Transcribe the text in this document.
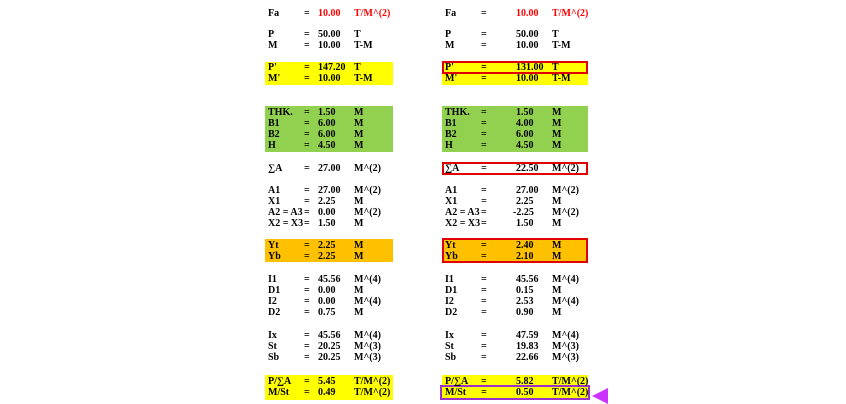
Fa = 10.00 T/M^(2)
P	= 50.00 T
M	= 10.00 T-M
P'	= 147.20 T
M' = 10.00 T-M
THK. = 1.50 M
B1 = 6.00 M
B2 = 6.00 M
H	= 4.50 M
∑A = 27.00 M^(2)
A1 = 27.00 M^(2)
X1 = 2.25 M
A2 = A3 = 0.00 M^(2)
X2 = X3 = 1.50 M
Yt	= 2.25 M
Yb = 2.25 M
I1	= 45.56 M^(4)
D1 = 0.00 M
I2	= 0.00 M^(4)
D2 = 0.75 M
Ix	= 45.56 M^(4)
St	= 20.25 M^(3)
Sb = 20.25 M^(3)
P/∑A = 5.45 T/M^(2)
M/St = 0.49 T/M^(2)
Fa =	10.00 T/M^(2)
P	=	50.00 T
M	=	10.00 T-M
P'	=	131.00 T
M' =	10.00 T-M
THK. =	1.50 M
B1 =	4.00 M
B2 =	6.00 M
H	=	4.50 M
∑A =	22.50 M^(2)
A1 =	27.00 M^(2)
X1 =	2.25 M
A2 = A3 =	-2.25 M^(2)
X2 = X3 =	1.50 M
Yt	=	2.40 M
Yb =	2.10 M
I1	=	45.56 M^(4)
D1 =	0.15 M
I2	=	2.53 M^(4)
D2 =	0.90 M
Ix	=	47.59 M^(4)
St	=	19.83 M^(3)
Sb =	22.66 M^(3)
P/∑A =	5.82 T/M^(2)
M/St =	0.50 T/M^(2)
